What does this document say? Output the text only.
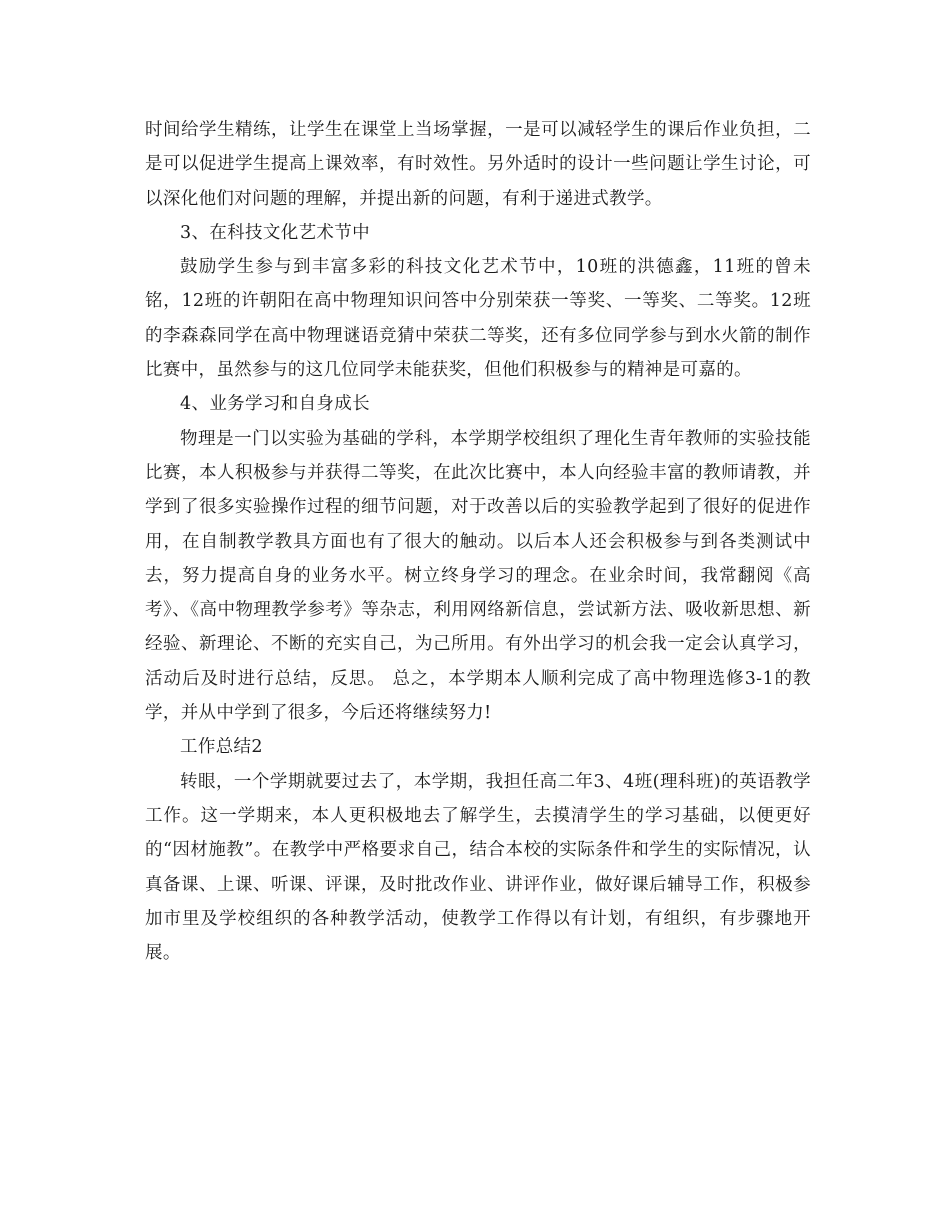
时间给学生精练，让学生在课堂上当场掌握，一是可以减轻学生的课后作业负担，二是可以促进学生提高上课效率，有时效性。另外适时的设计一些问题让学生讨论，可以深化他们对问题的理解，并提出新的问题，有利于递进式教学。

3、在科技文化艺术节中

鼓励学生参与到丰富多彩的科技文化艺术节中，10班的洪德鑫，11班的曾未铭，12班的许朝阳在高中物理知识问答中分别荣获一等奖、一等奖、二等奖。12班的李森森同学在高中物理谜语竞猜中荣获二等奖，还有多位同学参与到水火箭的制作比赛中，虽然参与的这几位同学未能获奖，但他们积极参与的精神是可嘉的。

4、业务学习和自身成长

物理是一门以实验为基础的学科，本学期学校组织了理化生青年教师的实验技能比赛，本人积极参与并获得二等奖，在此次比赛中，本人向经验丰富的教师请教，并学到了很多实验操作过程的细节问题，对于改善以后的实验教学起到了很好的促进作用，在自制教学教具方面也有了很大的触动。以后本人还会积极参与到各类测试中去，努力提高自身的业务水平。树立终身学习的理念。在业余时间，我常翻阅《高考》、《高中物理教学参考》等杂志，利用网络新信息，尝试新方法、吸收新思想、新经验、新理论、不断的充实自己，为己所用。有外出学习的机会我一定会认真学习，活动后及时进行总结，反思。 总之，本学期本人顺利完成了高中物理选修3-1的教学，并从中学到了很多，今后还将继续努力!

工作总结2

转眼，一个学期就要过去了，本学期，我担任高二年3、4班(理科班)的英语教学工作。这一学期来，本人更积极地去了解学生，去摸清学生的学习基础，以便更好的“因材施教”。在教学中严格要求自己，结合本校的实际条件和学生的实际情况，认真备课、上课、听课、评课，及时批改作业、讲评作业，做好课后辅导工作，积极参加市里及学校组织的各种教学活动，使教学工作得以有计划，有组织，有步骤地开展。
